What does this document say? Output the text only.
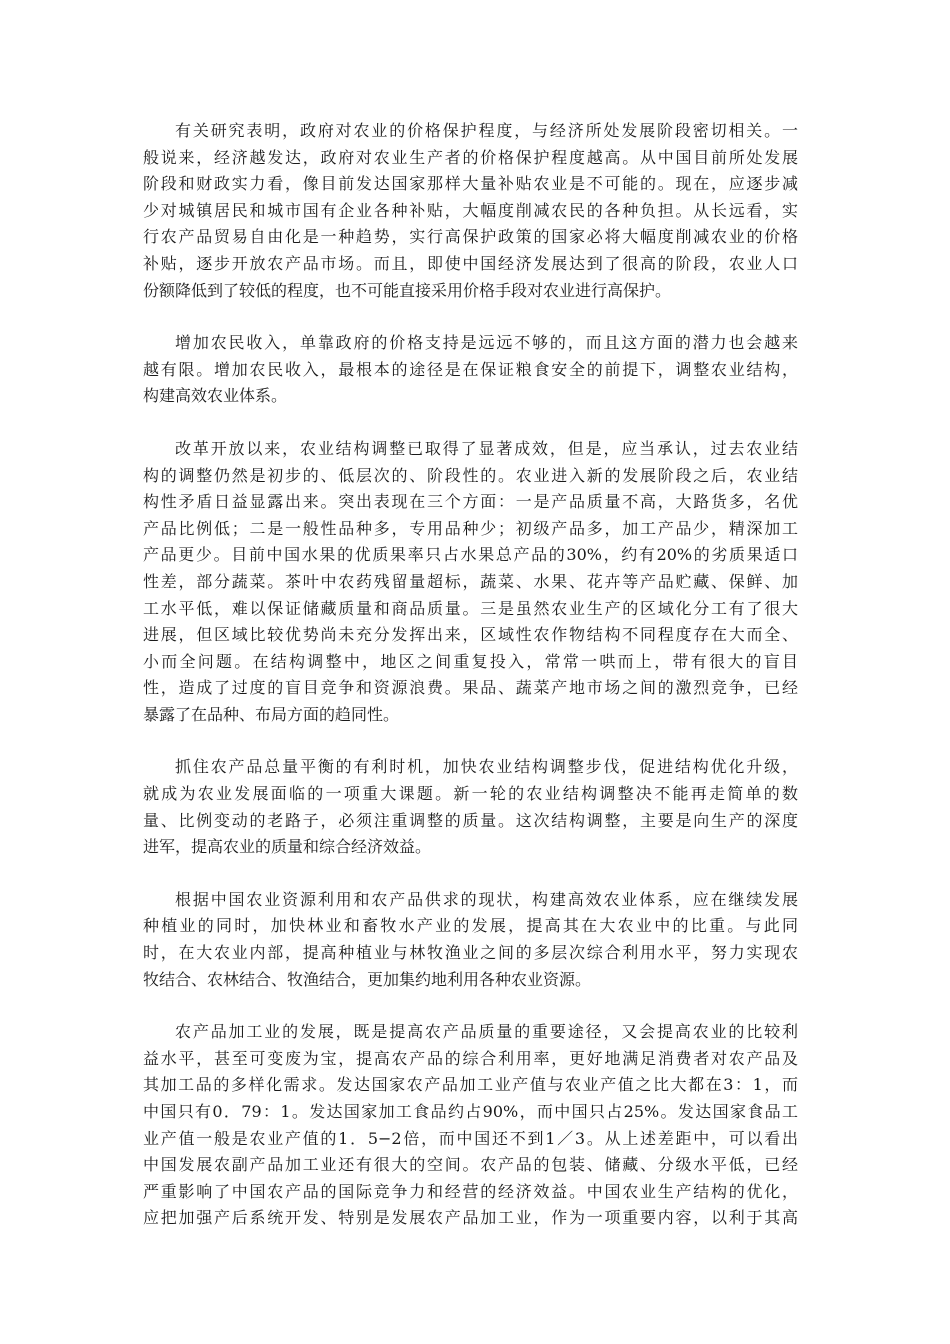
有关研究表明，政府对农业的价格保护程度，与经济所处发展阶段密切相关。一
般说来，经济越发达，政府对农业生产者的价格保护程度越高。从中国目前所处发展
阶段和财政实力看，像目前发达国家那样大量补贴农业是不可能的。现在，应逐步减
少对城镇居民和城市国有企业各种补贴，大幅度削减农民的各种负担。从长远看，实
行农产品贸易自由化是一种趋势，实行高保护政策的国家必将大幅度削减农业的价格
补贴，逐步开放农产品市场。而且，即使中国经济发展达到了很高的阶段，农业人口
份额降低到了较低的程度，也不可能直接采用价格手段对农业进行高保护。

增加农民收入，单靠政府的价格支持是远远不够的，而且这方面的潜力也会越来
越有限。增加农民收入，最根本的途径是在保证粮食安全的前提下，调整农业结构，
构建高效农业体系。

改革开放以来，农业结构调整已取得了显著成效，但是，应当承认，过去农业结
构的调整仍然是初步的、低层次的、阶段性的。农业进入新的发展阶段之后，农业结
构性矛盾日益显露出来。突出表现在三个方面：一是产品质量不高，大路货多，名优
产品比例低；二是一般性品种多，专用品种少；初级产品多，加工产品少，精深加工
产品更少。目前中国水果的优质果率只占水果总产品的30%，约有20%的劣质果适口
性差，部分蔬菜。茶叶中农药残留量超标，蔬菜、水果、花卉等产品贮藏、保鲜、加
工水平低，难以保证储藏质量和商品质量。三是虽然农业生产的区域化分工有了很大
进展，但区域比较优势尚未充分发挥出来，区域性农作物结构不同程度存在大而全、
小而全问题。在结构调整中，地区之间重复投入，常常一哄而上，带有很大的盲目
性，造成了过度的盲目竞争和资源浪费。果品、蔬菜产地市场之间的激烈竞争，已经
暴露了在品种、布局方面的趋同性。

抓住农产品总量平衡的有利时机，加快农业结构调整步伐，促进结构优化升级，
就成为农业发展面临的一项重大课题。新一轮的农业结构调整决不能再走简单的数
量、比例变动的老路子，必须注重调整的质量。这次结构调整，主要是向生产的深度
进军，提高农业的质量和综合经济效益。

根据中国农业资源利用和农产品供求的现状，构建高效农业体系，应在继续发展
种植业的同时，加快林业和畜牧水产业的发展，提高其在大农业中的比重。与此同
时，在大农业内部，提高种植业与林牧渔业之间的多层次综合利用水平，努力实现农
牧结合、农林结合、牧渔结合，更加集约地利用各种农业资源。

农产品加工业的发展，既是提高农产品质量的重要途径，又会提高农业的比较利
益水平，甚至可变废为宝，提高农产品的综合利用率，更好地满足消费者对农产品及
其加工品的多样化需求。发达国家农产品加工业产值与农业产值之比大都在3：1，而
中国只有0．79：1。发达国家加工食品约占90%，而中国只占25%。发达国家食品工
业产值一般是农业产值的1．5−2倍，而中国还不到1／3。从上述差距中，可以看出
中国发展农副产品加工业还有很大的空间。农产品的包装、储藏、分级水平低，已经
严重影响了中国农产品的国际竞争力和经营的经济效益。中国农业生产结构的优化，
应把加强产后系统开发、特别是发展农产品加工业，作为一项重要内容，以利于其高
